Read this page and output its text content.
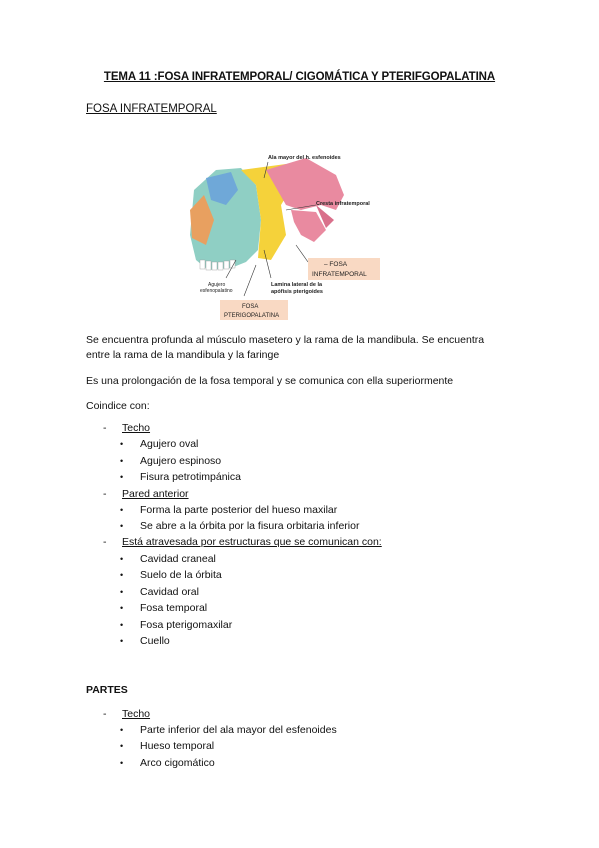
TEMA 11 :FOSA INFRATEMPORAL/ CIGOMÁTICA Y PTERIFGOPALATINA
FOSA INFRATEMPORAL
Ala mayor del h. esfenoides
Cresta infratemporal
– FOSA
INFRATEMPORAL
Agujero
esfenopalatino
Lamina lateral de la
apófisis pterigoides
FOSA
PTERIGOPALATINA
Se encuentra profunda al músculo masetero y la rama de la mandibula. Se encuentra
entre la rama de la mandibula y la faringe
Es una prolongación de la fosa temporal y se comunica con ella superiormente
Coindice con:
- Techo
• Agujero oval
• Agujero espinoso
• Fisura petrotimpánica
- Pared anterior
• Forma la parte posterior del hueso maxilar
• Se abre a la órbita por la fisura orbitaria inferior
- Está atravesada por estructuras que se comunican con:
• Cavidad craneal
• Suelo de la órbita
• Cavidad oral
• Fosa temporal
• Fosa pterigomaxilar
• Cuello
PARTES
- Techo
• Parte inferior del ala mayor del esfenoides
• Hueso temporal
• Arco cigomático
